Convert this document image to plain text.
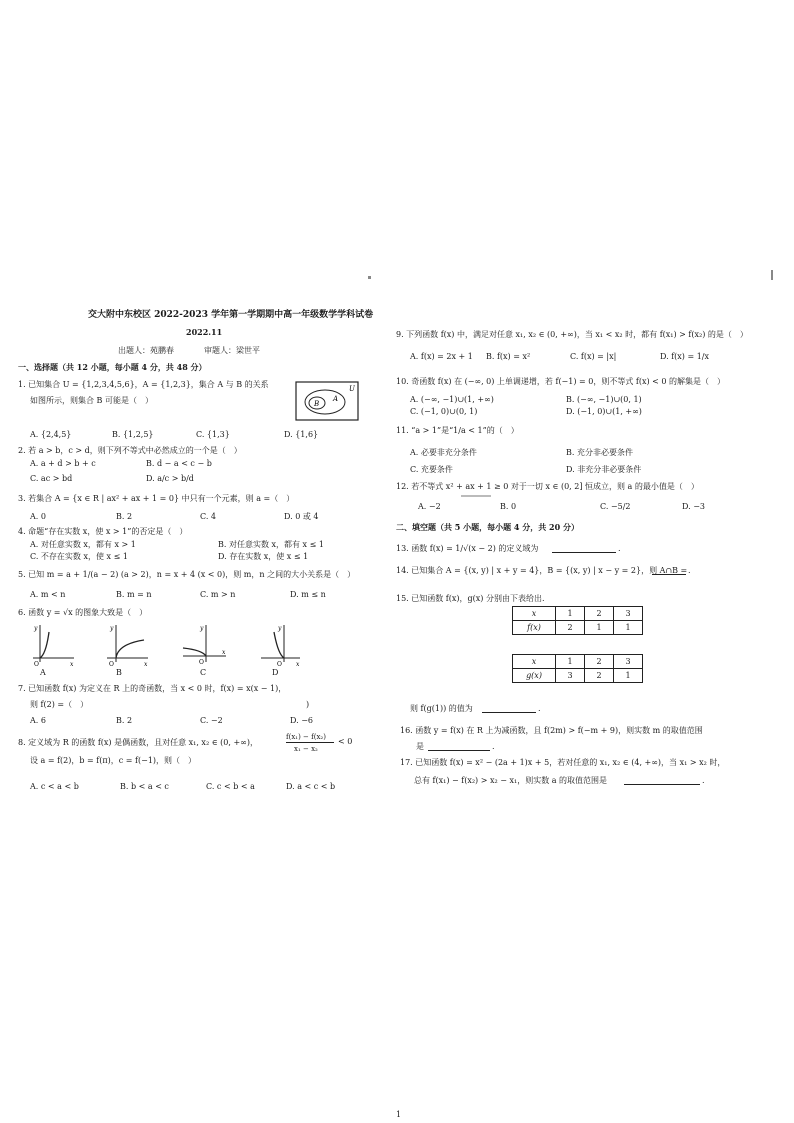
交大附中东校区 2022-2023 学年第一学期期中高一年级数学学科试卷
2022.11
出题人：苑鹏春	审题人：梁世平
一、选择题（共 12 小题，每小题 4 分，共 48 分）
1. 已知集合 U = {1,2,3,4,5,6}，A = {1,2,3}，集合 A 与 B 的关系
如图所示，则集合 B 可能是（　）
U
A
B
A. {2,4,5}	B. {1,2,5}	C. {1,3}	D. {1,6}
2. 若 a > b，c > d，则下列不等式中必然成立的一个是（　）
A. a + d > b + c	B. d − a < c − b
C. ac > bd	D. a/c > b/d
3. 若集合 A = {x ∈ R | ax² + ax + 1 = 0} 中只有一个元素，则 a =（　）
A. 0	B. 2	C. 4	D. 0 或 4
4. 命题“存在实数 x，使 x > 1”的否定是（　）
A. 对任意实数 x，都有 x > 1	B. 对任意实数 x，都有 x ≤ 1
C. 不存在实数 x，使 x ≤ 1	D. 存在实数 x，使 x ≤ 1
5. 已知 m = a + 1/(a − 2) (a > 2)，n = x + 4 (x < 0)，则 m，n 之间的大小关系是（　）
A. m < n	B. m = n	C. m > n	D. m ≤ n
6. 函数 y = √x 的图象大致是（　）
y
x
O
A
y
x
O
B
y
x
O
C
y
x
O
D
7. 已知函数 f(x) 为定义在 R 上的奇函数，当 x < 0 时，f(x) = x(x − 1)，
则 f(2) =（　）	)
A. 6	B. 2	C. −2	D. −6
8. 定义域为 R 的函数 f(x) 是偶函数，且对任意 x₁, x₂ ∈ (0, +∞)，
f(x₁) − f(x₂)
x₁ − x₂
< 0
设 a = f(2)，b = f(π)，c = f(−1)，则（　）
A. c < a < b	B. b < a < c	C. c < b < a	D. a < c < b
9. 下列函数 f(x) 中，满足对任意 x₁, x₂ ∈ (0, +∞)，当 x₁ < x₂ 时，都有 f(x₁) > f(x₂) 的是（　）
A. f(x) = 2x + 1 B. f(x) = x²	C. f(x) = |x|	D. f(x) = 1/x
10. 奇函数 f(x) 在 (−∞, 0) 上单调递增，若 f(−1) = 0，则不等式 f(x) < 0 的解集是（　）
A. (−∞, −1)∪(1, +∞)	B. (−∞, −1)∪(0, 1)
C. (−1, 0)∪(0, 1)	D. (−1, 0)∪(1, +∞)
11. “a > 1”是“1/a < 1”的（　）
A. 必要非充分条件	B. 充分非必要条件
C. 充要条件	D. 非充分非必要条件
12. 若不等式 x² + ax + 1 ≥ 0 对于一切 x ∈ (0, 2] 恒成立，则 a 的最小值是（　）
A. −2	B. 0	C. −5/2	D. −3
二、填空题（共 5 小题，每小题 4 分，共 20 分）
13. 函数 f(x) = 1/√(x − 2) 的定义域为	.
14. 已知集合 A = {(x, y) | x + y = 4}，B = {(x, y) | x − y = 2}，则 A∩B = .
15. 已知函数 f(x)，g(x) 分别由下表给出.
x	1	2	3
f(x)	2	1	1
x	1	2	3
g(x)	3	2	1
则 f(g(1)) 的值为	.
16. 函数 y = f(x) 在 R 上为减函数，且 f(2m) > f(−m + 9)，则实数 m 的取值范围
是	.
17. 已知函数 f(x) = x² − (2a + 1)x + 5，若对任意的 x₁, x₂ ∈ (4, +∞)，当 x₁ > x₂ 时，
总有 f(x₁) − f(x₂) > x₂ − x₁，则实数 a 的取值范围是	.
1
